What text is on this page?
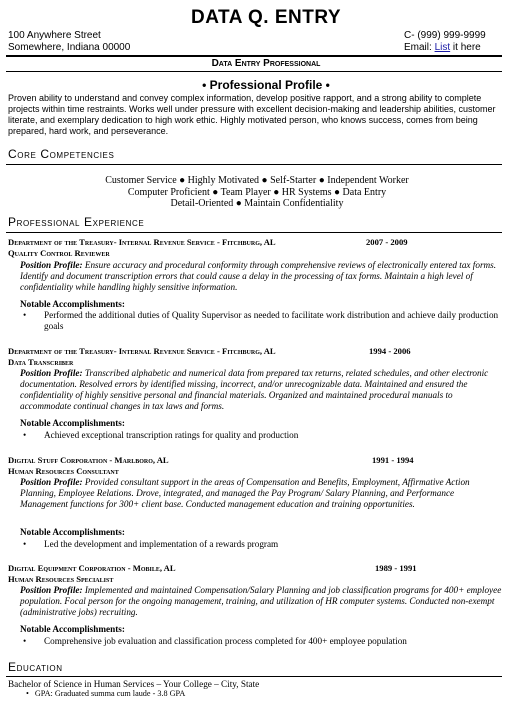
DATA Q. ENTRY
100 Anywhere Street
Somewhere, Indiana 00000
C- (999) 999-9999
Email: List it here
Data Entry Professional
• Professional Profile •
Proven ability to understand and convey complex information, develop positive rapport, and a strong ability to complete projects within time restraints. Works well under pressure with excellent decision-making and leadership abilities, customer literate, and exemplary dedication to high work ethic. Highly motivated person, who knows success, comes from being prepared, hard work, and perseverance.
Core Competencies
Customer Service ● Highly Motivated ● Self-Starter ● Independent Worker
Computer Proficient ● Team Player ● HR Systems ● Data Entry
Detail-Oriented ● Maintain Confidentiality
Professional Experience
Department of the Treasury- Internal Revenue Service - Fitchburg, AL	2007 - 2009
Quality Control Reviewer
Position Profile: Ensure accuracy and procedural conformity through comprehensive reviews of electronically entered tax forms. Identify and document transcription errors that could cause a delay in the processing of tax forms. Maintain a high level of confidentiality while handling highly sensitive information.
Notable Accomplishments:
• Performed the additional duties of Quality Supervisor as needed to facilitate work distribution and achieve daily production goals
Department of the Treasury- Internal Revenue Service - Fitchburg, AL	1994 - 2006
Data Transcriber
Position Profile: Transcribed alphabetic and numerical data from prepared tax returns, related schedules, and other electronic documentation. Resolved errors by identified missing, incorrect, and/or unrecognizable data. Maintained and ensured the confidentiality of highly sensitive personal and financial materials. Organized and maintained procedural manuals to accommodate continual changes in tax laws and forms.
Notable Accomplishments:
• Achieved exceptional transcription ratings for quality and production
Digital Stuff Corporation - Marlboro, AL	1991 - 1994
Human Resources Consultant
Position Profile: Provided consultant support in the areas of Compensation and Benefits, Employment, Affirmative Action Planning, Employee Relations. Drove, integrated, and managed the Pay Program/ Salary Planning, and Performance Management functions for 300+ client base. Conducted management education and training opportunities.
Notable Accomplishments:
• Led the development and implementation of a rewards program
Digital Equipment Corporation - Mobile, AL	1989 - 1991
Human Resources Specialist
Position Profile: Implemented and maintained Compensation/Salary Planning and job classification programs for 400+ employee population. Focal person for the ongoing management, training, and utilization of HR computer systems. Conducted non-exempt (administrative jobs) recruiting.
Notable Accomplishments:
• Comprehensive job evaluation and classification process completed for 400+ employee population
Education
Bachelor of Science in Human Services – Your College – City, State
• GPA: Graduated summa cum laude - 3.8 GPA
